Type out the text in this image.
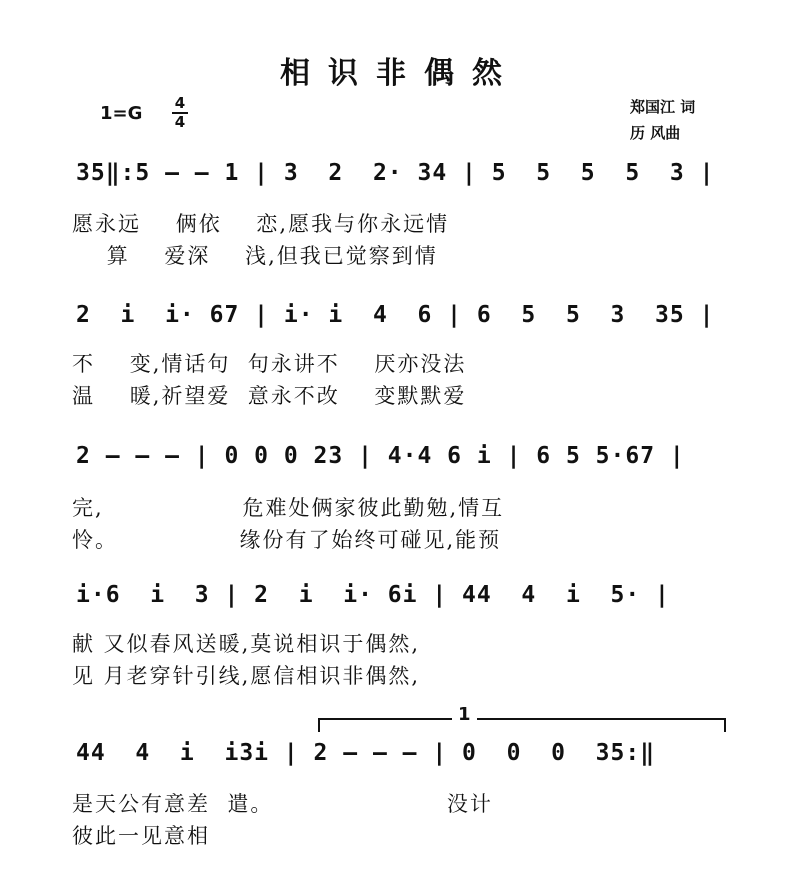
相识非偶然
1=G 4
4
郑国江 词
历 风曲
35‖:5 — — 1 | 3  2  2· 34 | 5  5  5  5  3 |
愿永远    俩依    恋,愿我与你永远情
算    爱深    浅,但我已觉察到情
2  i  i· 67 | i· i  4  6 | 6  5  5  3  35 |
不    变,情话句  句永讲不    厌亦没法
温    暖,祈望爱  意永不改    变默默爱
2 — — — | 0 0 0 23 | 4·4 6 i | 6 5 5·67 |
完,                危难处俩家彼此勤勉,情互
怜。              缘份有了始终可碰见,能预
i·6  i  3 | 2  i  i· 6i | 44  4  i  5· |
献 又似春风送暖,莫说相识于偶然,
见 月老穿针引线,愿信相识非偶然,
1
44  4  i  i3i | 2 — — — | 0  0  0  35:‖
是天公有意差  遣。                    没计
彼此一见意相
